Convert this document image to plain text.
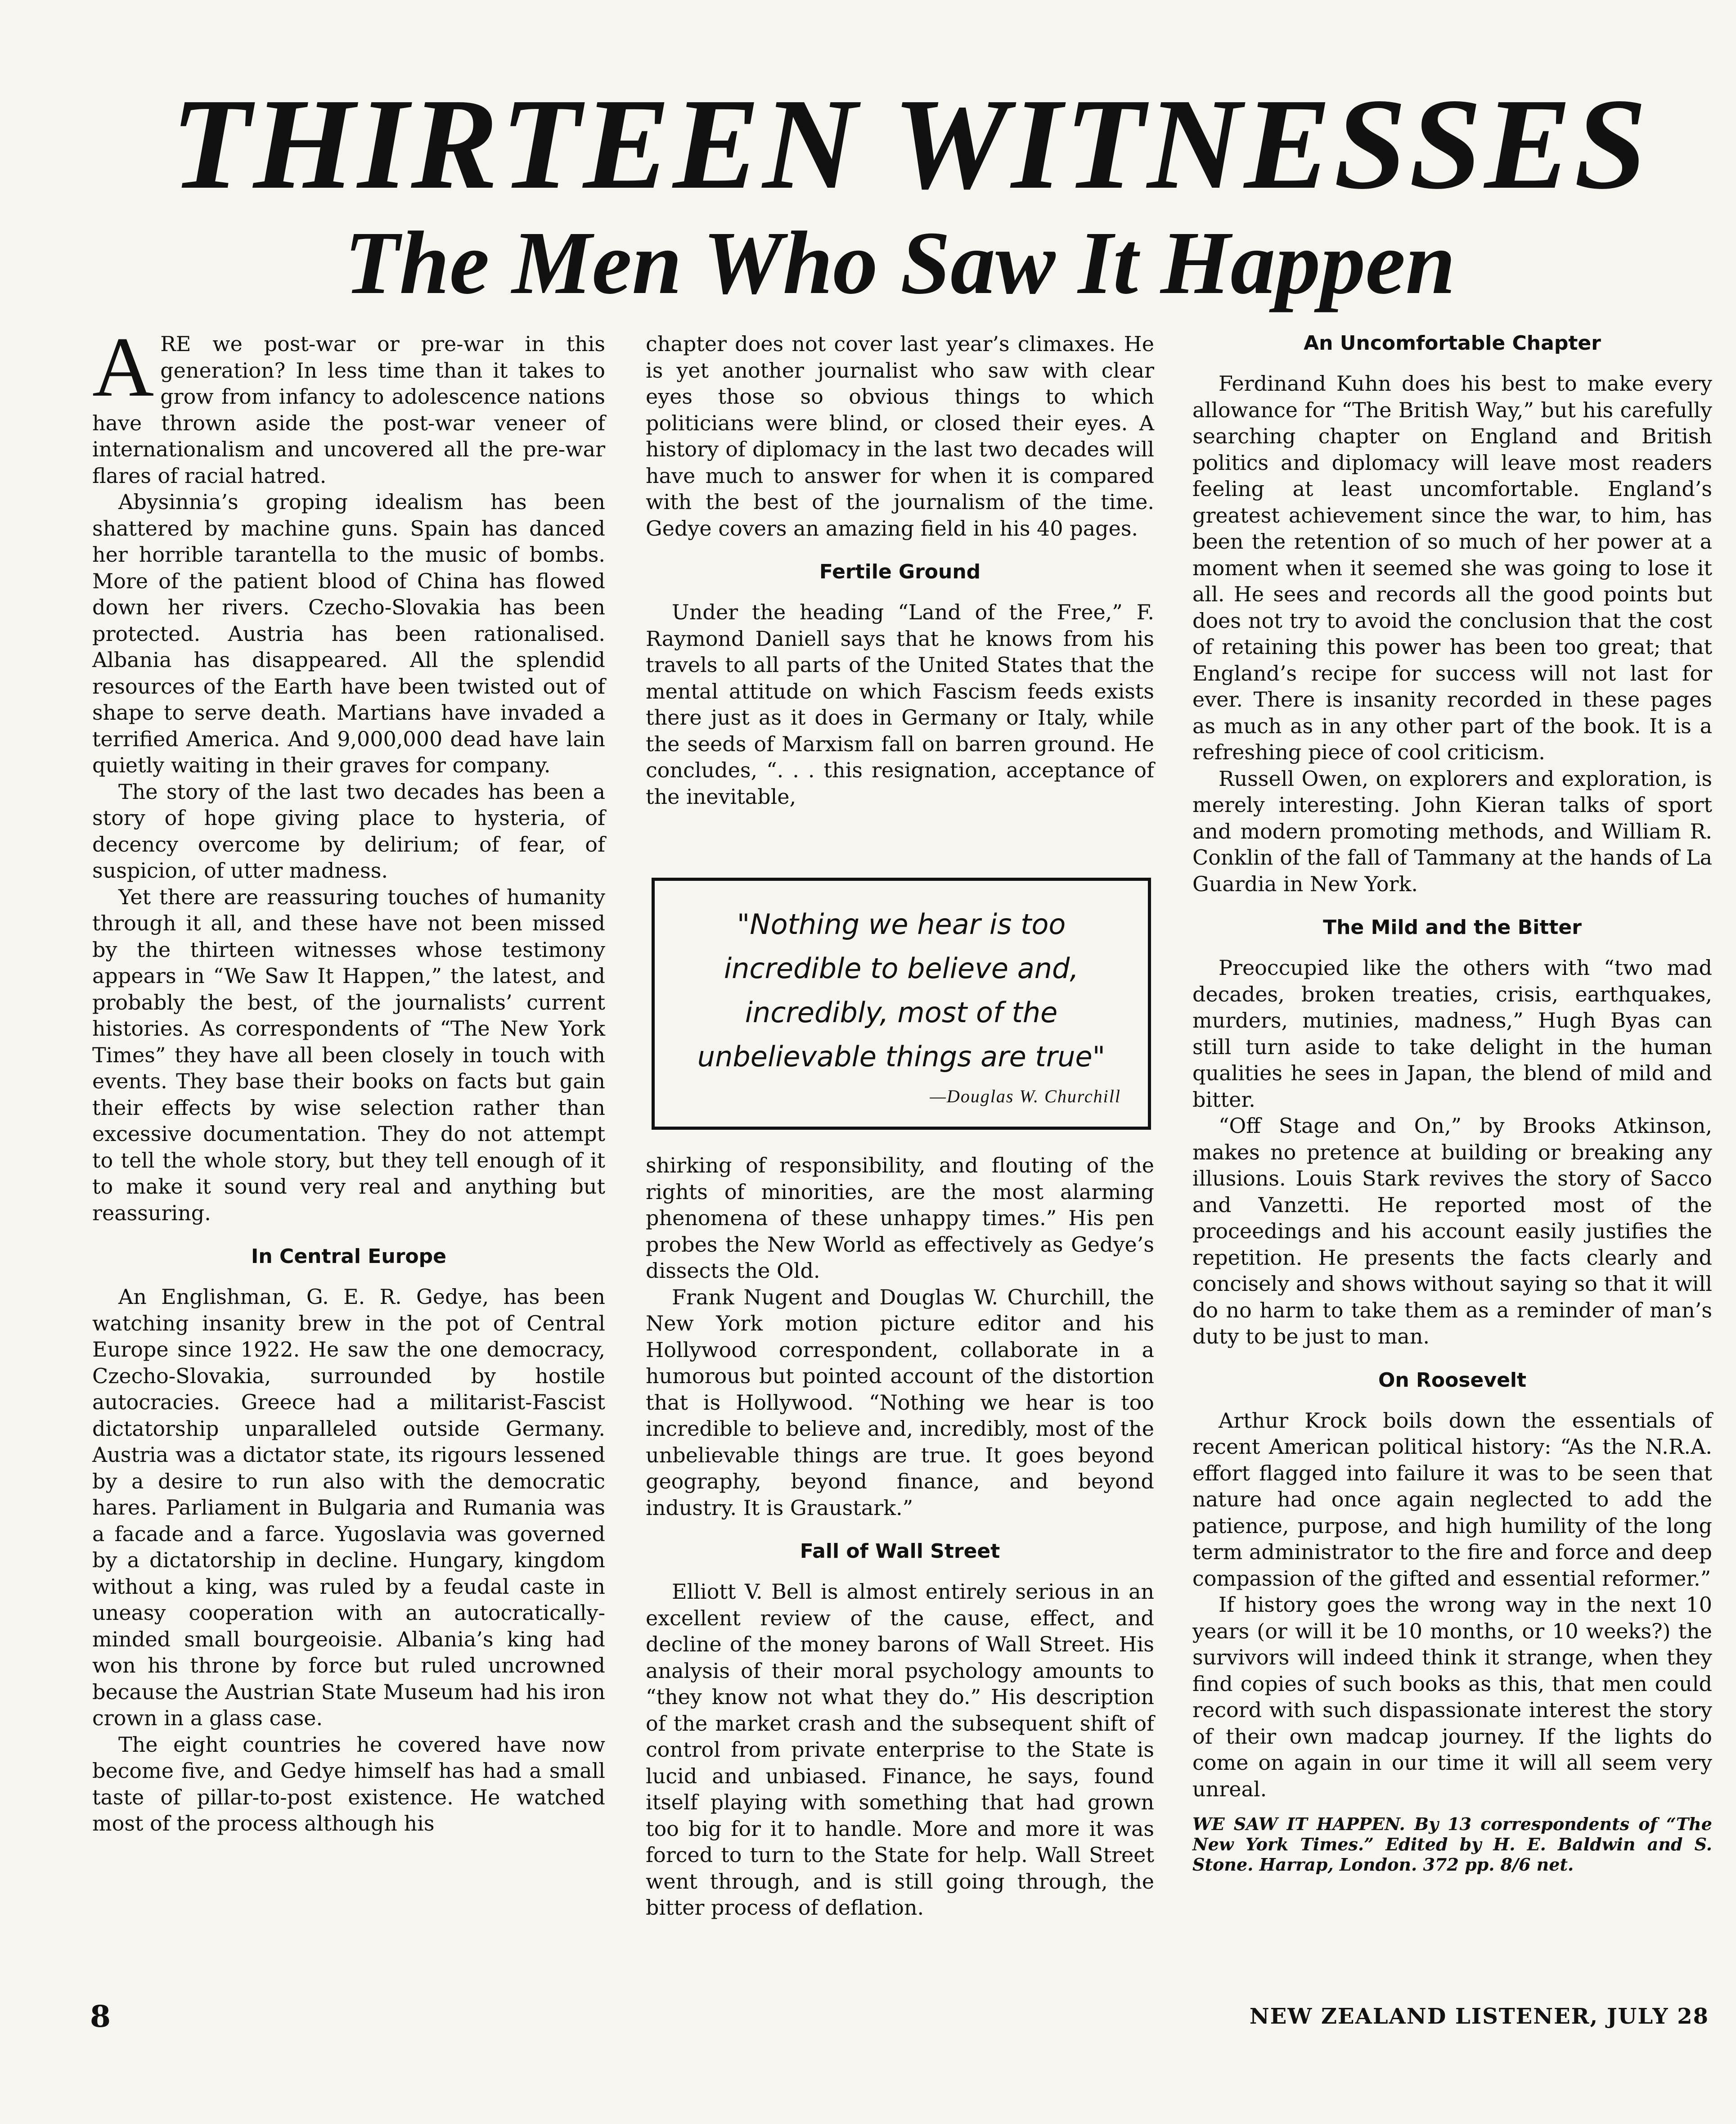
THIRTEEN WITNESSES
The Men Who Saw It Happen

ARE we post-war or pre-war in this generation? In less time than it takes to grow from infancy to adolescence nations have thrown aside the post-war veneer of internationalism and uncovered all the pre-war flares of racial hatred.

Abysinnia’s groping idealism has been shattered by machine guns. Spain has danced her horrible tarantella to the music of bombs. More of the patient blood of China has flowed down her rivers. Czecho-Slovakia has been protected. Austria has been rationalised. Albania has disappeared. All the splendid resources of the Earth have been twisted out of shape to serve death. Martians have invaded a terrified America. And 9,000,000 dead have lain quietly waiting in their graves for company.

The story of the last two decades has been a story of hope giving place to hysteria, of decency overcome by delirium; of fear, of suspicion, of utter madness.

Yet there are reassuring touches of humanity through it all, and these have not been missed by the thirteen witnesses whose testimony appears in “We Saw It Happen,” the latest, and probably the best, of the journalists’ current histories. As correspondents of “The New York Times” they have all been closely in touch with events. They base their books on facts but gain their effects by wise selection rather than excessive documentation. They do not attempt to tell the whole story, but they tell enough of it to make it sound very real and anything but reassuring.

In Central Europe

An Englishman, G. E. R. Gedye, has been watching insanity brew in the pot of Central Europe since 1922. He saw the one democracy, Czecho-Slovakia, surrounded by hostile autocracies. Greece had a militarist-Fascist dictatorship unparalleled outside Germany. Austria was a dictator state, its rigours lessened by a desire to run also with the democratic hares. Parliament in Bulgaria and Rumania was a facade and a farce. Yugoslavia was governed by a dictatorship in decline. Hungary, kingdom without a king, was ruled by a feudal caste in uneasy cooperation with an autocratically-minded small bourgeoisie. Albania’s king had won his throne by force but ruled uncrowned because the Austrian State Museum had his iron crown in a glass case.

The eight countries he covered have now become five, and Gedye himself has had a small taste of pillar-to-post existence. He watched most of the process although his

chapter does not cover last year’s climaxes. He is yet another journalist who saw with clear eyes those so obvious things to which politicians were blind, or closed their eyes. A history of diplomacy in the last two decades will have much to answer for when it is compared with the best of the journalism of the time. Gedye covers an amazing field in his 40 pages.

Fertile Ground

Under the heading “Land of the Free,” F. Raymond Daniell says that he knows from his travels to all parts of the United States that the mental attitude on which Fascism feeds exists there just as it does in Germany or Italy, while the seeds of Marxism fall on barren ground. He concludes, “. . . this resignation, acceptance of the inevitable,

"Nothing we hear is too incredible to believe and, incredibly, most of the unbelievable things are true"

—Douglas W. Churchill

shirking of responsibility, and flouting of the rights of minorities, are the most alarming phenomena of these unhappy times.” His pen probes the New World as effectively as Gedye’s dissects the Old.

Frank Nugent and Douglas W. Churchill, the New York motion picture editor and his Hollywood correspondent, collaborate in a humorous but pointed account of the distortion that is Hollywood. “Nothing we hear is too incredible to believe and, incredibly, most of the unbelievable things are true. It goes beyond geography, beyond finance, and beyond industry. It is Graustark.”

Fall of Wall Street

Elliott V. Bell is almost entirely serious in an excellent review of the cause, effect, and decline of the money barons of Wall Street. His analysis of their moral psychology amounts to “they know not what they do.” His description of the market crash and the subsequent shift of control from private enterprise to the State is lucid and unbiased. Finance, he says, found itself playing with something that had grown too big for it to handle. More and more it was forced to turn to the State for help. Wall Street went through, and is still going through, the bitter process of deflation.

An Uncomfortable Chapter

Ferdinand Kuhn does his best to make every allowance for “The British Way,” but his carefully searching chapter on England and British politics and diplomacy will leave most readers feeling at least uncomfortable. England’s greatest achievement since the war, to him, has been the retention of so much of her power at a moment when it seemed she was going to lose it all. He sees and records all the good points but does not try to avoid the conclusion that the cost of retaining this power has been too great; that England’s recipe for success will not last for ever. There is insanity recorded in these pages as much as in any other part of the book. It is a refreshing piece of cool criticism.

Russell Owen, on explorers and exploration, is merely interesting. John Kieran talks of sport and modern promoting methods, and William R. Conklin of the fall of Tammany at the hands of La Guardia in New York.

The Mild and the Bitter

Preoccupied like the others with “two mad decades, broken treaties, crisis, earthquakes, murders, mutinies, madness,” Hugh Byas can still turn aside to take delight in the human qualities he sees in Japan, the blend of mild and bitter.

“Off Stage and On,” by Brooks Atkinson, makes no pretence at building or breaking any illusions. Louis Stark revives the story of Sacco and Vanzetti. He reported most of the proceedings and his account easily justifies the repetition. He presents the facts clearly and concisely and shows without saying so that it will do no harm to take them as a reminder of man’s duty to be just to man.

On Roosevelt

Arthur Krock boils down the essentials of recent American political history: “As the N.R.A. effort flagged into failure it was to be seen that nature had once again neglected to add the patience, purpose, and high humility of the long term administrator to the fire and force and deep compassion of the gifted and essential reformer.”

If history goes the wrong way in the next 10 years (or will it be 10 months, or 10 weeks?) the survivors will indeed think it strange, when they find copies of such books as this, that men could record with such dispassionate interest the story of their own madcap journey. If the lights do come on again in our time it will all seem very unreal.

WE SAW IT HAPPEN. By 13 correspondents of “The New York Times.” Edited by H. E. Baldwin and S. Stone. Harrap, London. 372 pp. 8/6 net.

8	NEW ZEALAND LISTENER, JULY 28
